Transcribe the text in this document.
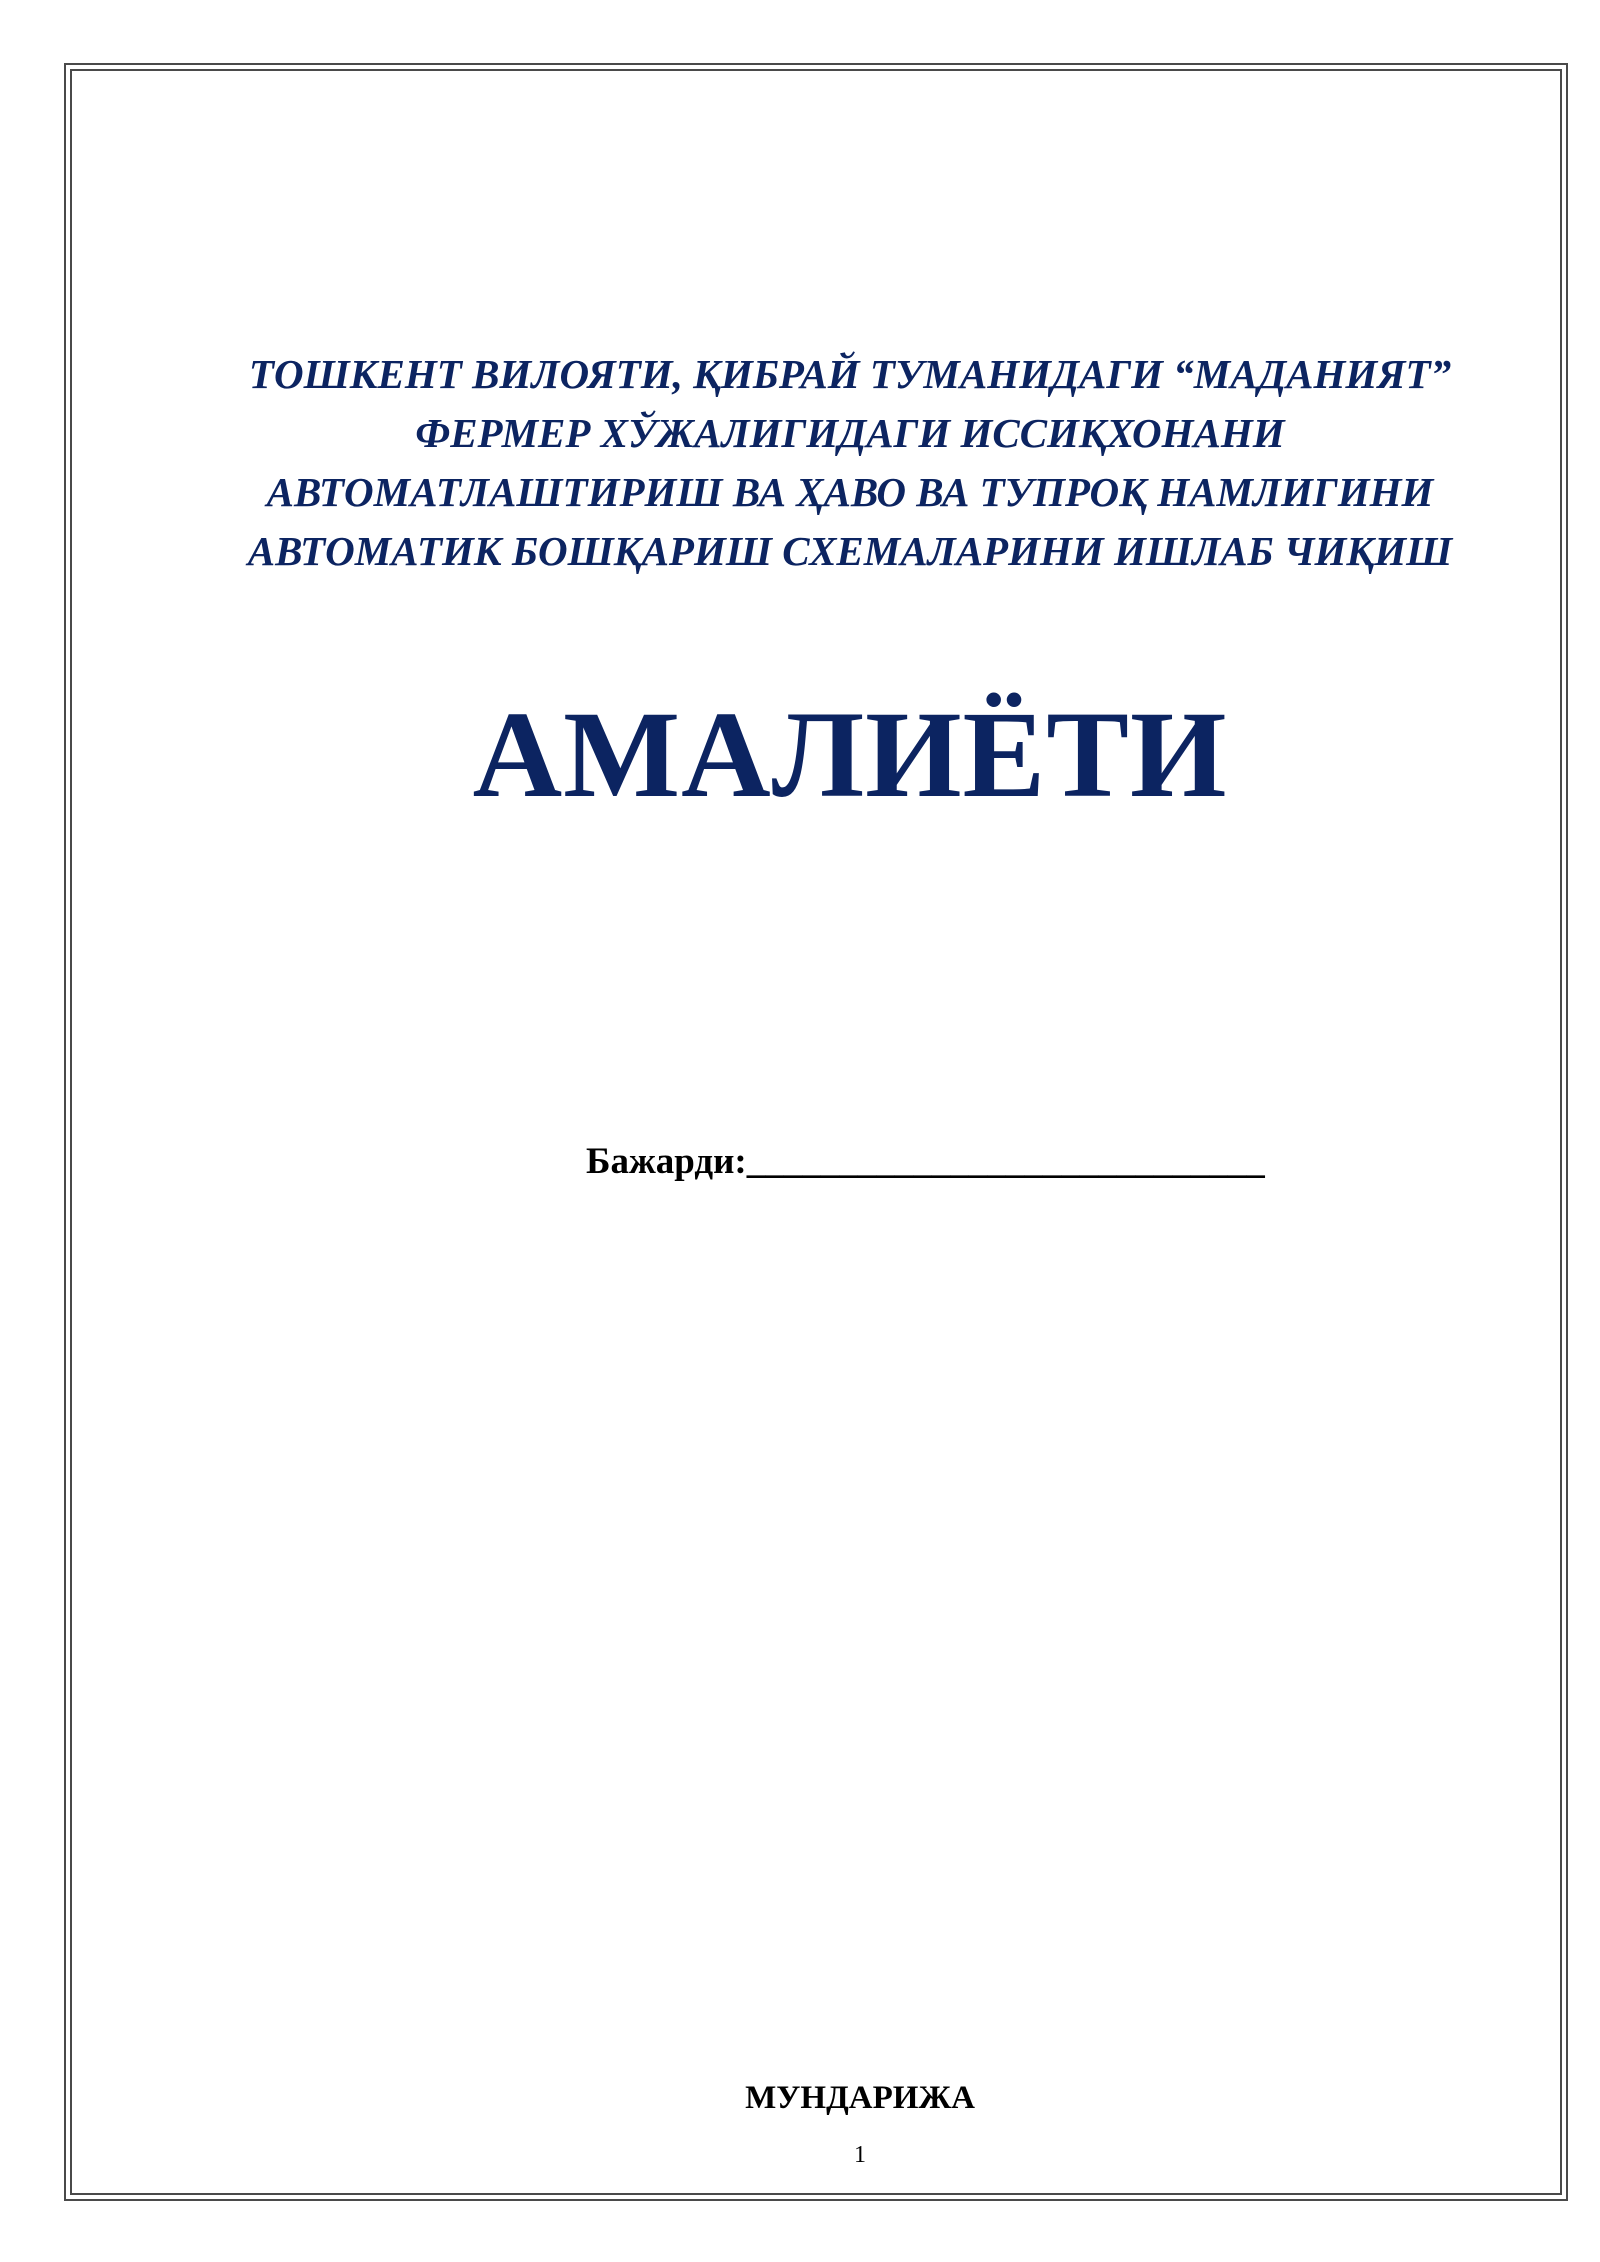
ТОШКЕНТ ВИЛОЯТИ, ҚИБРАЙ ТУМАНИДАГИ “МАДАНИЯТ”
ФЕРМЕР ХЎЖАЛИГИДАГИ ИССИҚХОНАНИ
АВТОМАТЛАШТИРИШ ВА ҲАВО ВА ТУПРОҚ НАМЛИГИНИ
АВТОМАТИК БОШҚАРИШ СХЕМАЛАРИНИ ИШЛАБ ЧИҚИШ
АМАЛИЁТИ

Бажарди:____________________________

МУНДАРИЖА
1
